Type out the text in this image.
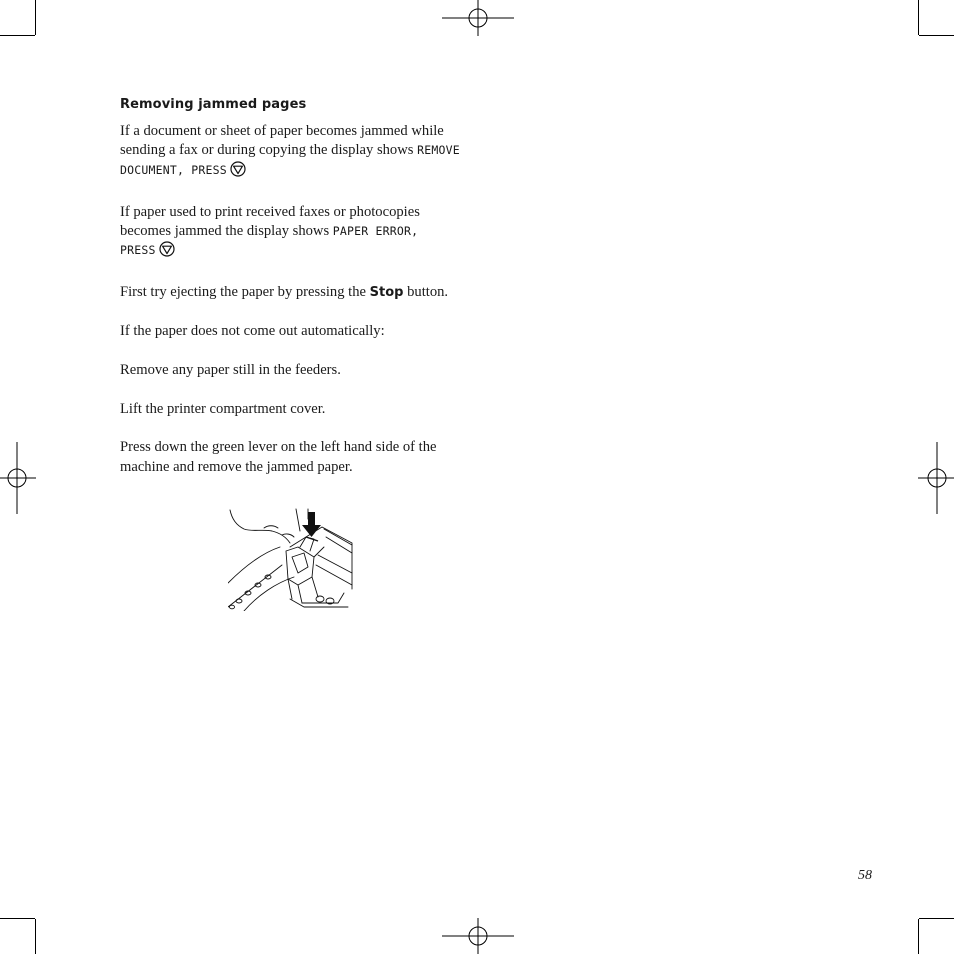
Removing jammed pages

If a document or sheet of paper becomes jammed while sending a fax or during copying the display shows REMOVE DOCUMENT, PRESS

If paper used to print received faxes or photocopies becomes jammed the display shows PAPER ERROR, PRESS

First try ejecting the paper by pressing the Stop button.

If the paper does not come out automatically:

Remove any paper still in the feeders.

Lift the printer compartment cover.

Press down the green lever on the left hand side of the machine and remove the jammed paper.

58
